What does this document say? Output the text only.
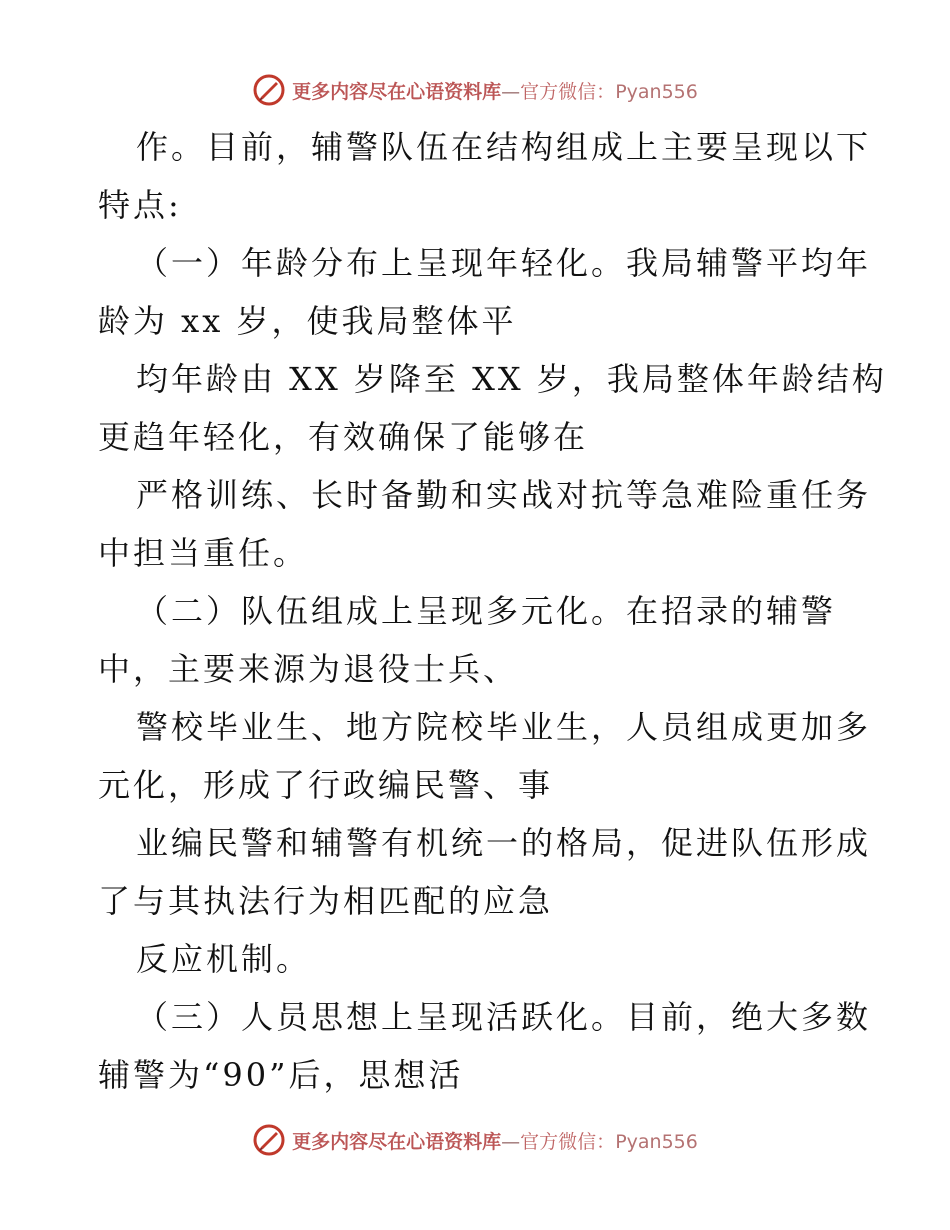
更多内容尽在心语资料库—官方微信：Pyan556
作。目前，辅警队伍在结构组成上主要呈现以下
特点:
（一）年龄分布上呈现年轻化。我局辅警平均年
龄为 xx 岁，使我局整体平
均年龄由 XX 岁降至 XX 岁，我局整体年龄结构
更趋年轻化，有效确保了能够在
严格训练、长时备勤和实战对抗等急难险重任务
中担当重任。
（二）队伍组成上呈现多元化。在招录的辅警
中，主要来源为退役士兵、
警校毕业生、地方院校毕业生，人员组成更加多
元化，形成了行政编民警、事
业编民警和辅警有机统一的格局，促进队伍形成
了与其执法行为相匹配的应急
反应机制。
（三）人员思想上呈现活跃化。目前，绝大多数
辅警为“90”后，思想活
更多内容尽在心语资料库—官方微信：Pyan556
